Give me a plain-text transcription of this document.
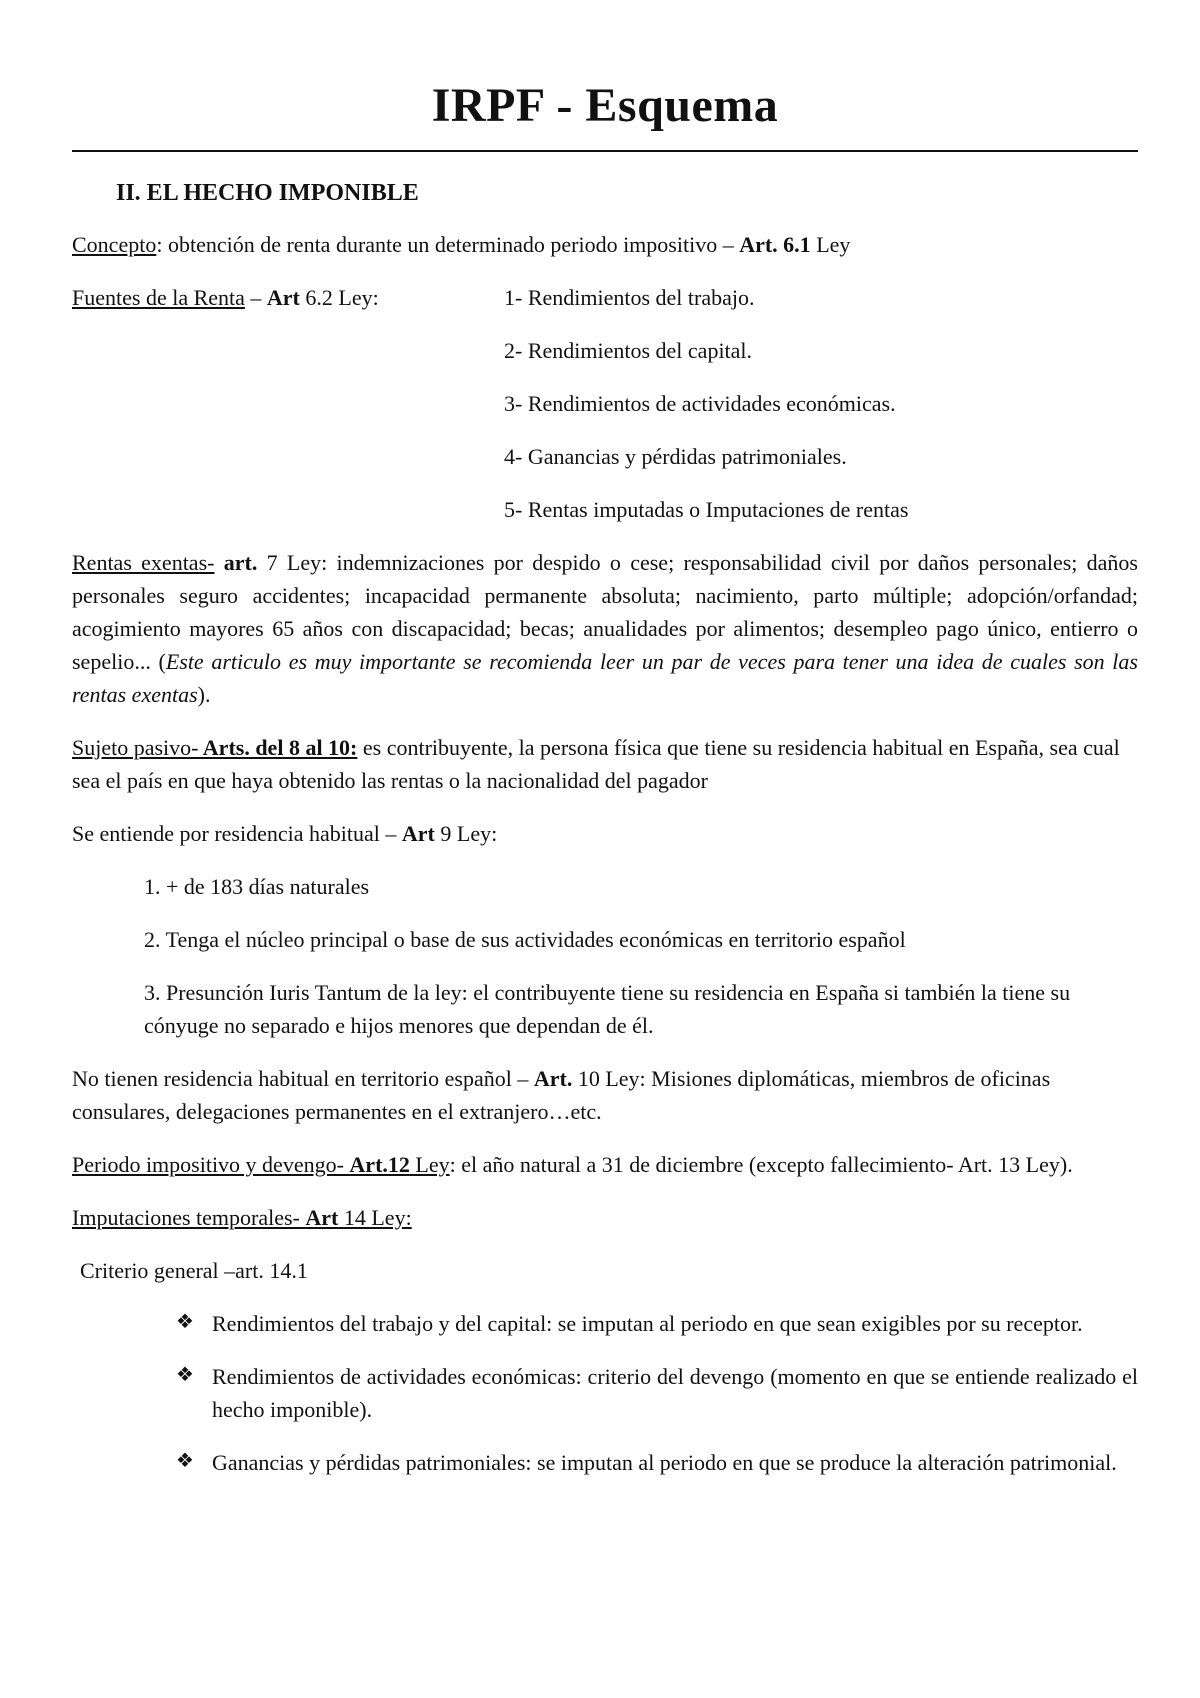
IRPF - Esquema
II. EL HECHO IMPONIBLE

Concepto: obtención de renta durante un determinado periodo impositivo – Art. 6.1 Ley

Fuentes de la Renta – Art 6.2 Ley:	1- Rendimientos del trabajo.
2- Rendimientos del capital.
3- Rendimientos de actividades económicas.
4- Ganancias y pérdidas patrimoniales.
5- Rentas imputadas o Imputaciones de rentas

Rentas exentas- art. 7 Ley: indemnizaciones por despido o cese; responsabilidad civil por daños personales; daños personales seguro accidentes; incapacidad permanente absoluta; nacimiento, parto múltiple; adopción/orfandad; acogimiento mayores 65 años con discapacidad; becas; anualidades por alimentos; desempleo pago único, entierro o sepelio... (Este articulo es muy importante se recomienda leer un par de veces para tener una idea de cuales son las rentas exentas).

Sujeto pasivo- Arts. del 8 al 10: es contribuyente, la persona física que tiene su residencia habitual en España, sea cual sea el país en que haya obtenido las rentas o la nacionalidad del pagador

Se entiende por residencia habitual – Art 9 Ley:

1. + de 183 días naturales
2. Tenga el núcleo principal o base de sus actividades económicas en territorio español
3. Presunción Iuris Tantum de la ley: el contribuyente tiene su residencia en España si también la tiene su cónyuge no separado e hijos menores que dependan de él.

No tienen residencia habitual en territorio español – Art. 10 Ley: Misiones diplomáticas, miembros de oficinas consulares, delegaciones permanentes en el extranjero…etc.

Periodo impositivo y devengo- Art.12 Ley: el año natural a 31 de diciembre (excepto fallecimiento- Art. 13 Ley).

Imputaciones temporales- Art 14 Ley:

Criterio general –art. 14.1

❖ Rendimientos del trabajo y del capital: se imputan al periodo en que sean exigibles por su receptor.
❖ Rendimientos de actividades económicas: criterio del devengo (momento en que se entiende realizado el hecho imponible).
❖ Ganancias y pérdidas patrimoniales: se imputan al periodo en que se produce la alteración patrimonial.
